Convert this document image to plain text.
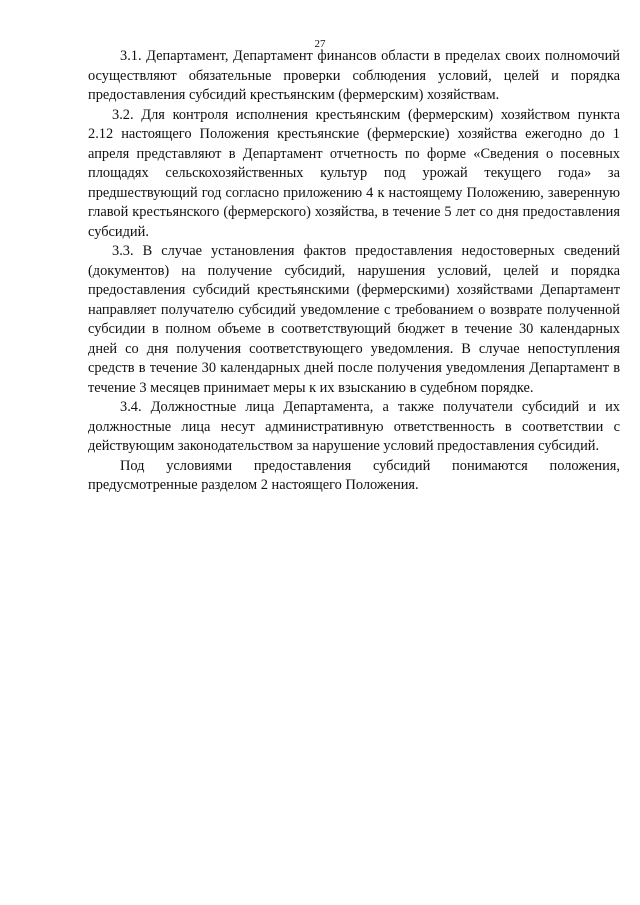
27

3.1. Департамент, Департамент финансов области в пределах своих полномочий осуществляют обязательные проверки соблюдения условий, целей и порядка предоставления субсидий крестьянским (фермерским) хозяйствам.

3.2. Для контроля исполнения крестьянским (фермерским) хозяйством пункта 2.12 настоящего Положения крестьянские (фермерские) хозяйства ежегодно до 1 апреля представляют в Департамент отчетность по форме «Сведения о посевных площадях сельскохозяйственных культур под урожай текущего года» за предшествующий год согласно приложению 4 к настоящему Положению, заверенную главой крестьянского (фермерского) хозяйства, в течение 5 лет со дня предоставления субсидий.

3.3. В случае установления фактов предоставления недостоверных сведений (документов) на получение субсидий, нарушения условий, целей и порядка предоставления субсидий крестьянскими (фермерскими) хозяйствами Департамент направляет получателю субсидий уведомление с требованием о возврате полученной субсидии в полном объеме в соответствующий бюджет в течение 30 календарных дней со дня получения соответствующего уведомления. В случае непоступления средств в течение 30 календарных дней после получения уведомления Департамент в течение 3 месяцев принимает меры к их взысканию в судебном порядке.

3.4. Должностные лица Департамента, а также получатели субсидий и их должностные лица несут административную ответственность в соответствии с действующим законодательством за нарушение условий предоставления субсидий.

Под условиями предоставления субсидий понимаются положения, предусмотренные разделом 2 настоящего Положения.
